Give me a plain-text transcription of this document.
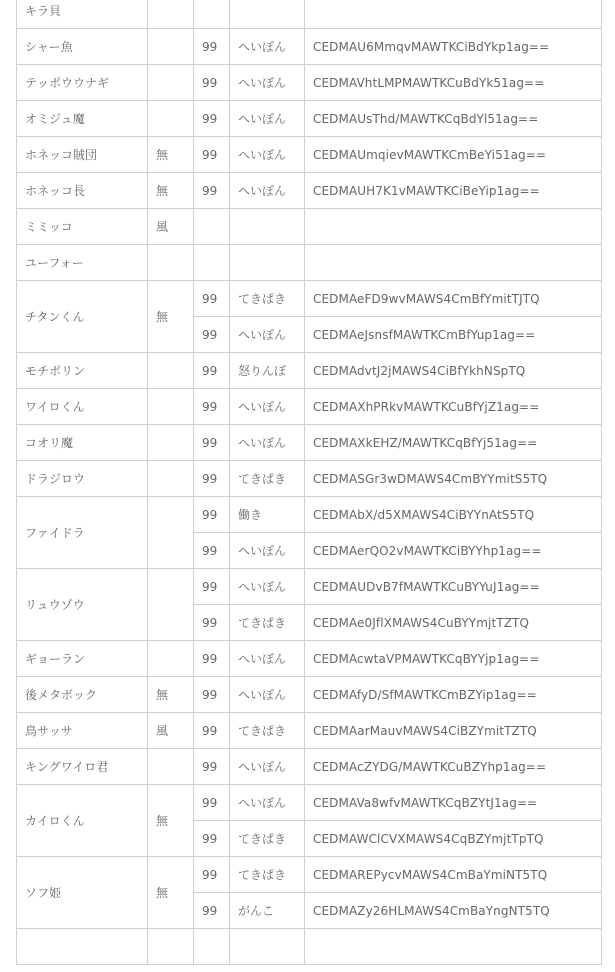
キラ貝				
シャー魚		99	へいぼん	CEDMAU6MmqvMAWTKCiBdYkp1ag==
テッポウウナギ		99	へいぼん	CEDMAVhtLMPMAWTKCuBdYk51ag==
オミジュ魔		99	へいぼん	CEDMAUsThd/MAWTKCqBdYl51ag==
ホネッコ賊団	無	99	へいぼん	CEDMAUmqievMAWTKCmBeYi51ag==
ホネッコ長	無	99	へいぼん	CEDMAUH7K1vMAWTKCiBeYip1ag==
ミミッコ	風			
ユーフォー				
チタンくん	無	99	てきぱき	CEDMAeFD9wvMAWS4CmBfYmitTJTQ
		99	へいぼん	CEDMAeJsnsfMAWTKCmBfYup1ag==
モチポリン		99	怒りんぼ	CEDMAdvtJ2jMAWS4CiBfYkhNSpTQ
ワイロくん		99	へいぼん	CEDMAXhPRkvMAWTKCuBfYjZ1ag==
コオリ魔		99	へいぼん	CEDMAXkEHZ/MAWTKCqBfYj51ag==
ドラジロウ		99	てきぱき	CEDMASGr3wDMAWS4CmBYYmitS5TQ
ファイドラ		99	働き	CEDMAbX/d5XMAWS4CiBYYnAtS5TQ
		99	へいぼん	CEDMAerQO2vMAWTKCiBYYhp1ag==
リュウゾウ		99	へいぼん	CEDMAUDvB7fMAWTKCuBYYuJ1ag==
		99	てきぱき	CEDMAe0JflXMAWS4CuBYYmjtTZTQ
ギョーラン		99	へいぼん	CEDMAcwtaVPMAWTKCqBYYjp1ag==
後メタボック	無	99	へいぼん	CEDMAfyD/SfMAWTKCmBZYip1ag==
鳥サッサ	風	99	てきぱき	CEDMAarMauvMAWS4CiBZYmitTZTQ
キングワイロ君		99	へいぼん	CEDMAcZYDG/MAWTKCuBZYhp1ag==
カイロくん	無	99	へいぼん	CEDMAVa8wfvMAWTKCqBZYtJ1ag==
		99	てきぱき	CEDMAWClCVXMAWS4CqBZYmjtTpTQ
ソフ姫	無	99	てきぱき	CEDMAREPycvMAWS4CmBaYmiNT5TQ
		99	がんこ	CEDMAZy26HLMAWS4CmBaYngNT5TQ
